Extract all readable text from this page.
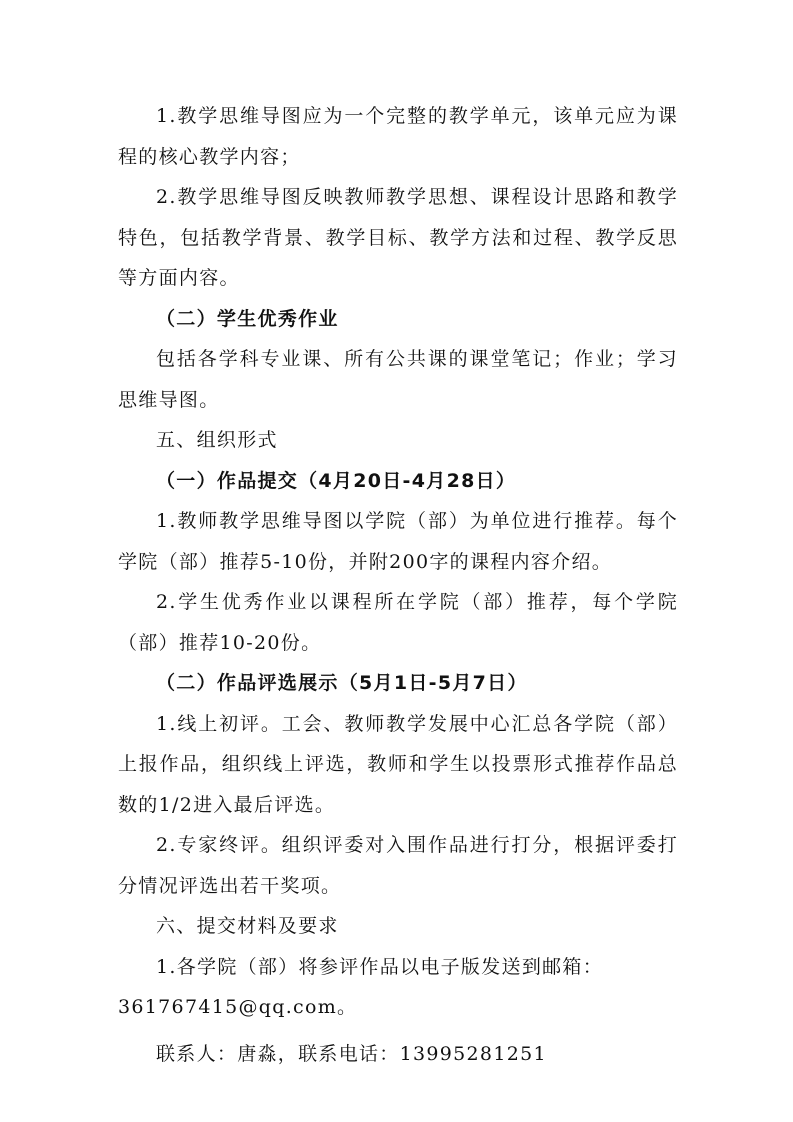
1.教学思维导图应为一个完整的教学单元，该单元应为课程的核心教学内容；

2.教学思维导图反映教师教学思想、课程设计思路和教学特色，包括教学背景、教学目标、教学方法和过程、教学反思等方面内容。

（二）学生优秀作业

包括各学科专业课、所有公共课的课堂笔记；作业；学习思维导图。

五、组织形式

（一）作品提交（4月20日-4月28日）

1.教师教学思维导图以学院（部）为单位进行推荐。每个学院（部）推荐5-10份，并附200字的课程内容介绍。

2.学生优秀作业以课程所在学院（部）推荐，每个学院（部）推荐10-20份。

（二）作品评选展示（5月1日-5月7日）

1.线上初评。工会、教师教学发展中心汇总各学院（部）上报作品，组织线上评选，教师和学生以投票形式推荐作品总数的1/2进入最后评选。

2.专家终评。组织评委对入围作品进行打分，根据评委打分情况评选出若干奖项。

六、提交材料及要求

1.各学院（部）将参评作品以电子版发送到邮箱：

361767415@qq.com。

联系人：唐淼，联系电话：13995281251
